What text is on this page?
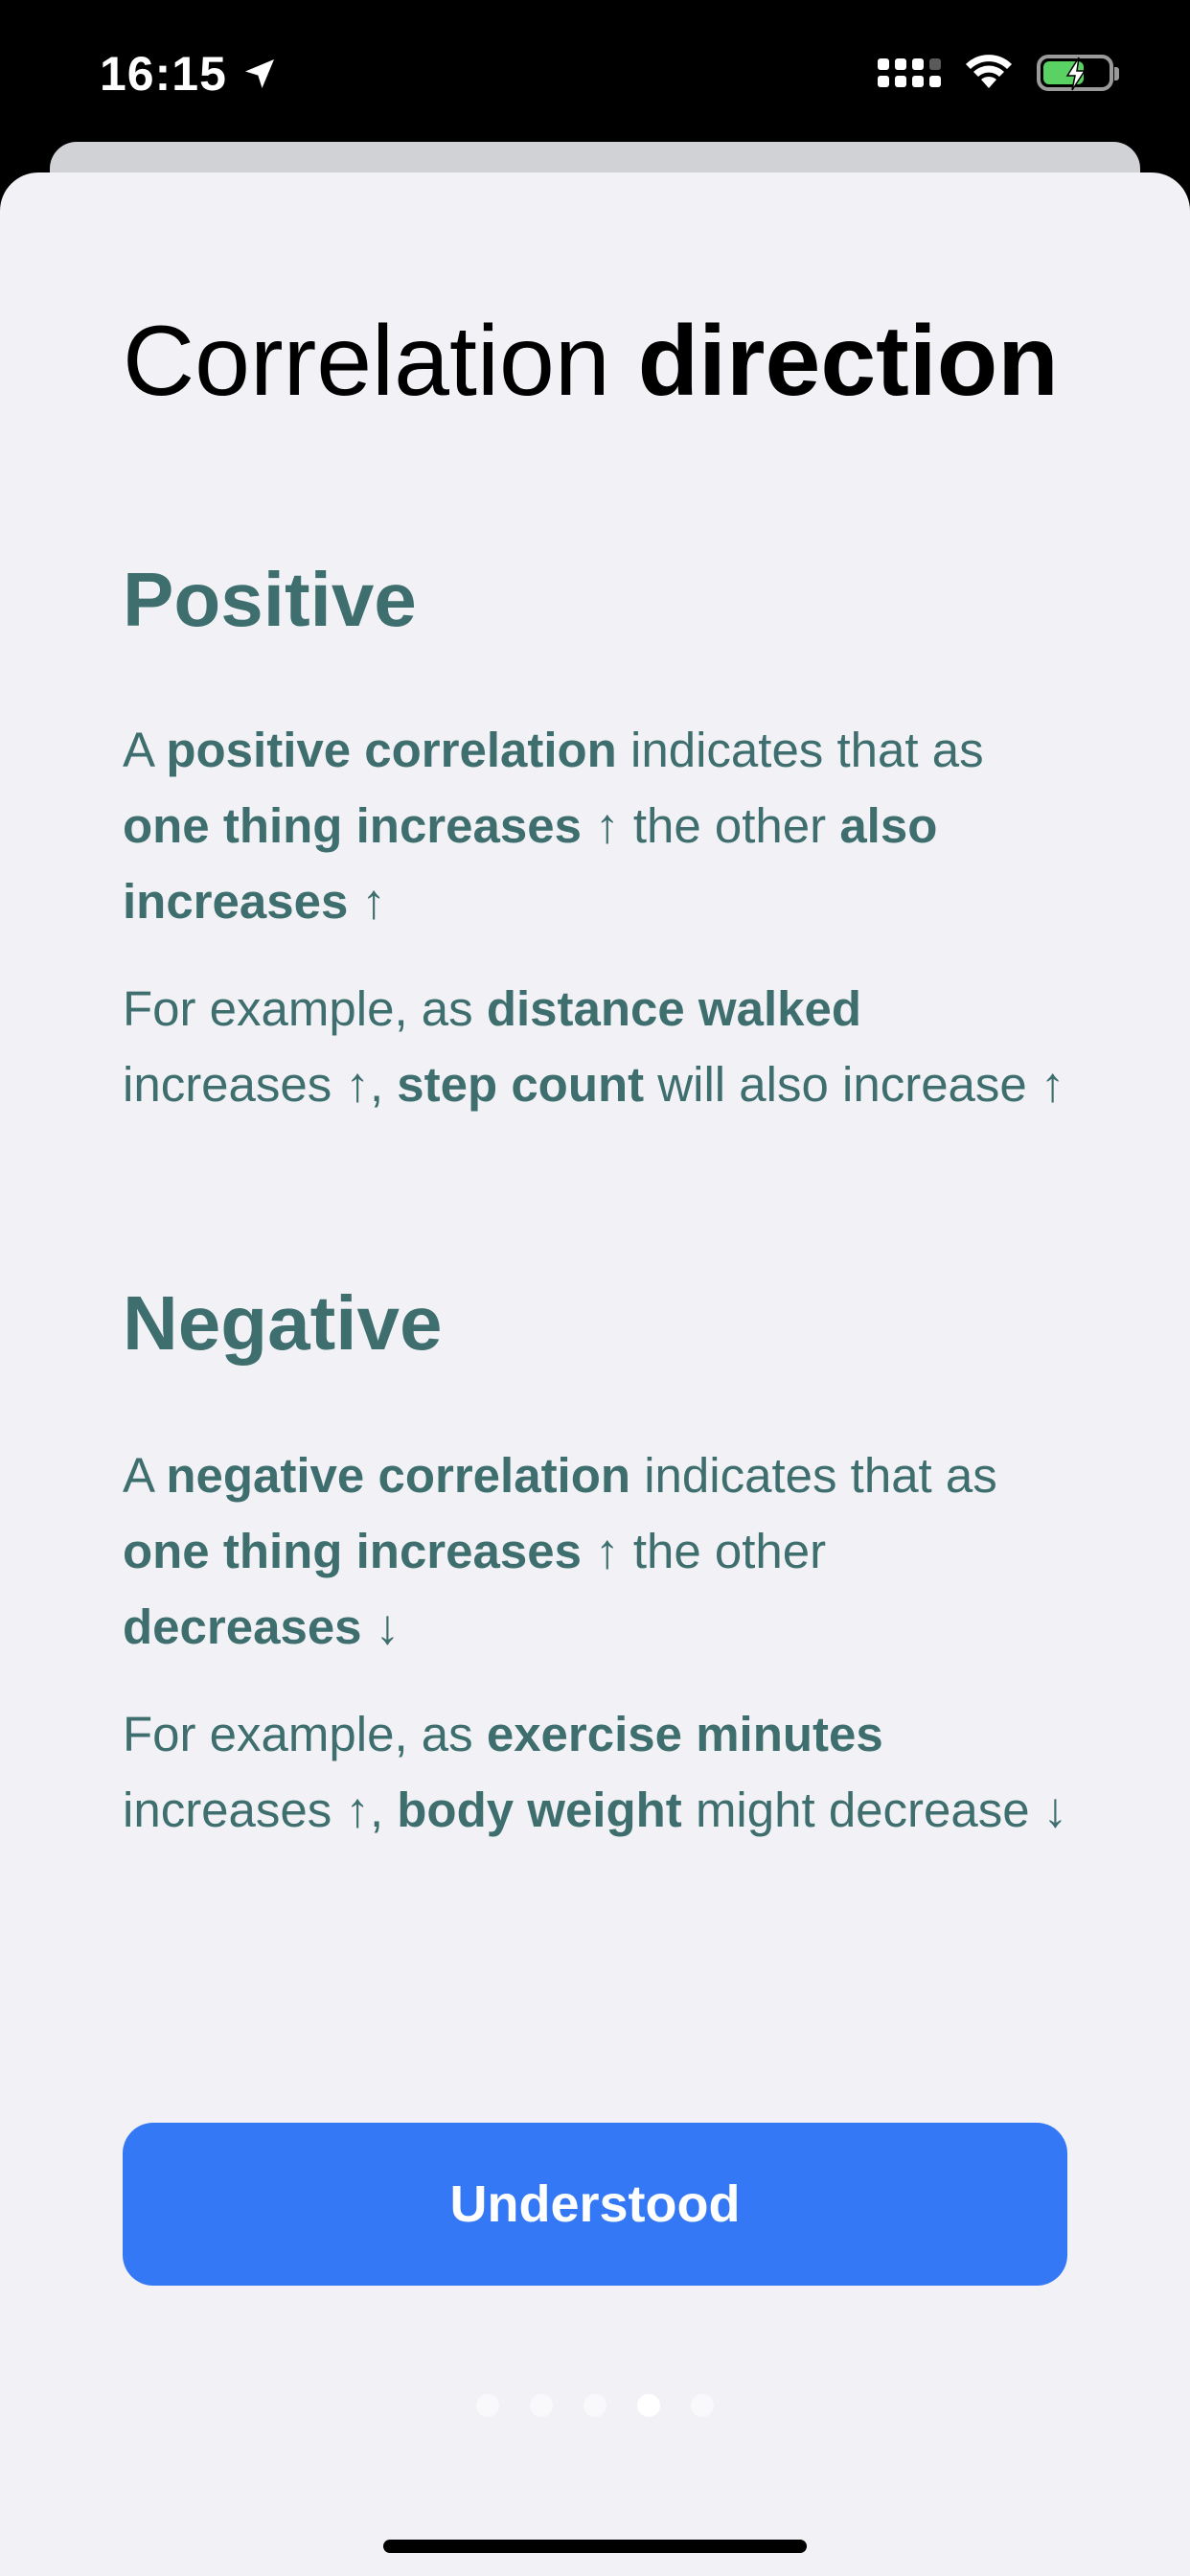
16:15
Correlation direction
Positive

A positive correlation indicates that as one thing increases ↑ the other also increases ↑

For example, as distance walked
increases ↑, step count will also increase ↑

Negative

A negative correlation indicates that as
one thing increases ↑ the other
decreases ↓

For example, as exercise minutes
increases ↑, body weight might decrease ↓

Understood
